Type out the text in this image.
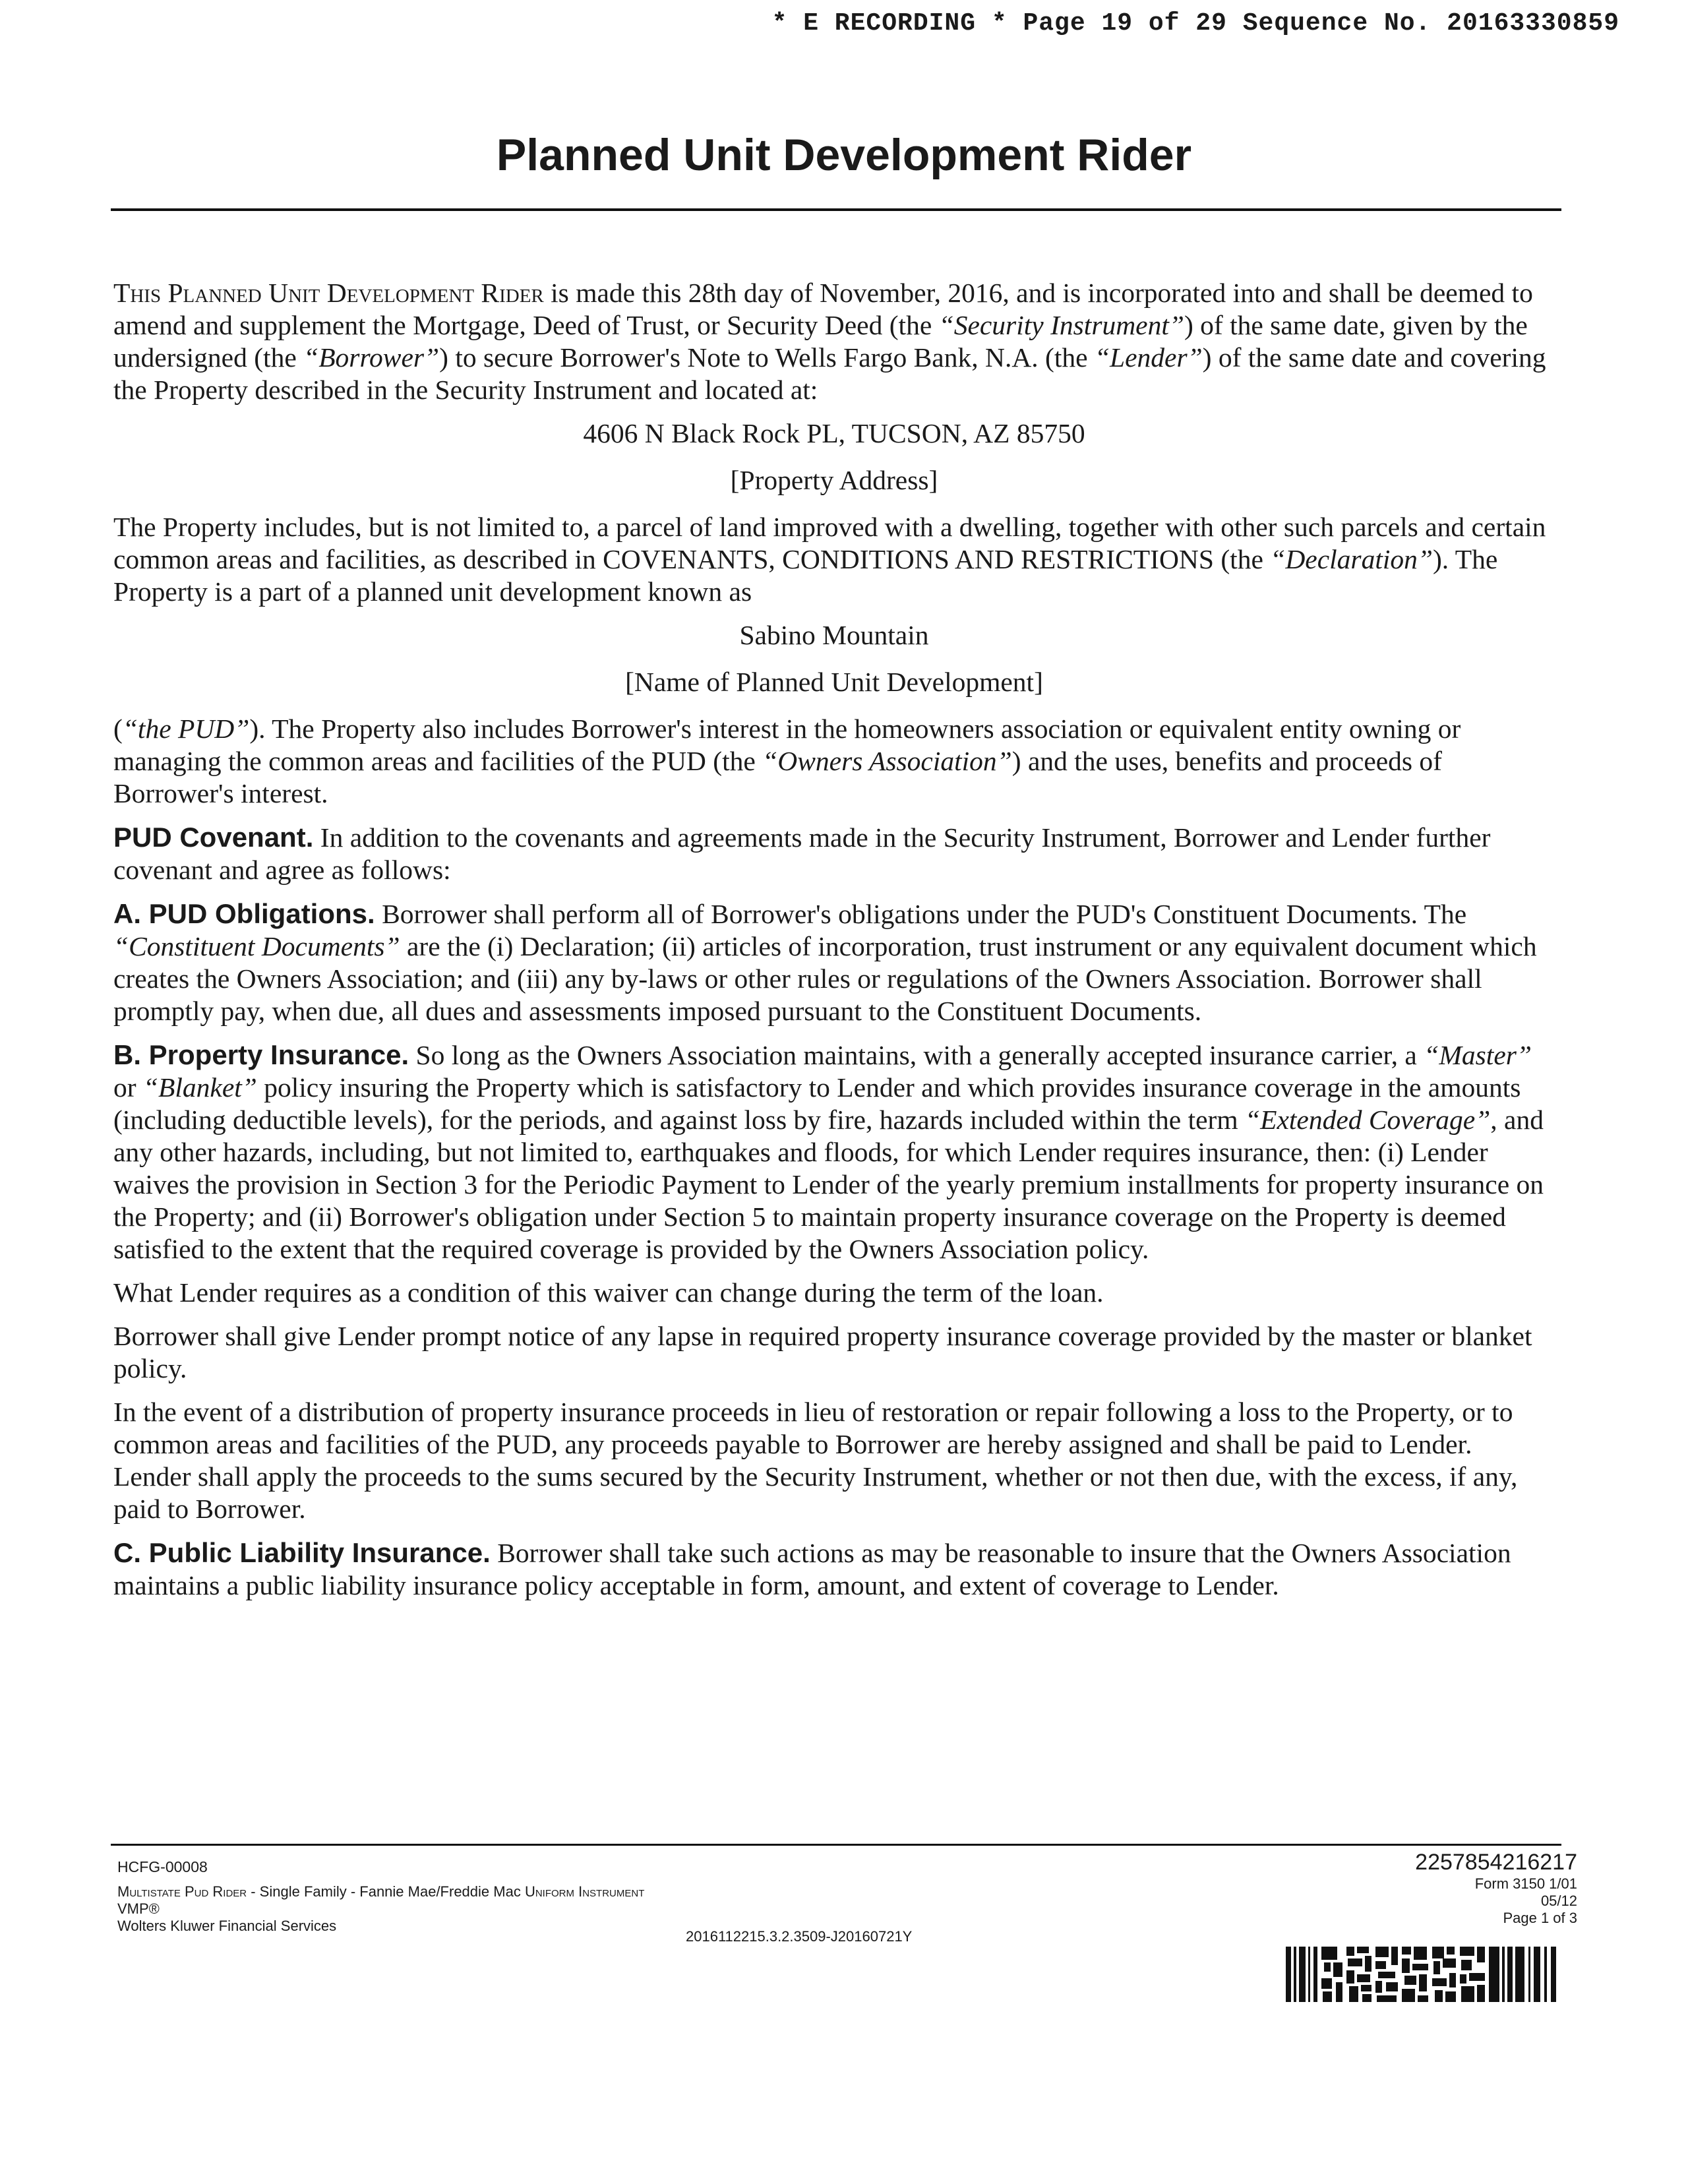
* E RECORDING * Page 19 of 29 Sequence No. 20163330859
Planned Unit Development Rider

This Planned Unit Development Rider is made this 28th day of November, 2016, and is incorporated into and shall be deemed to amend and supplement the Mortgage, Deed of Trust, or Security Deed (the “Security Instrument”) of the same date, given by the undersigned (the “Borrower”) to secure Borrower's Note to Wells Fargo Bank, N.A. (the “Lender”) of the same date and covering the Property described in the Security Instrument and located at:

4606 N Black Rock PL, TUCSON, AZ 85750

[Property Address]

The Property includes, but is not limited to, a parcel of land improved with a dwelling, together with other such parcels and certain common areas and facilities, as described in COVENANTS, CONDITIONS AND RESTRICTIONS (the “Declaration”). The Property is a part of a planned unit development known as

Sabino Mountain

[Name of Planned Unit Development]

(“the PUD”). The Property also includes Borrower's interest in the homeowners association or equivalent entity owning or managing the common areas and facilities of the PUD (the “Owners Association”) and the uses, benefits and proceeds of Borrower's interest.

PUD Covenant. In addition to the covenants and agreements made in the Security Instrument, Borrower and Lender further covenant and agree as follows:

A. PUD Obligations. Borrower shall perform all of Borrower's obligations under the PUD's Constituent Documents. The “Constituent Documents” are the (i) Declaration; (ii) articles of incorporation, trust instrument or any equivalent document which creates the Owners Association; and (iii) any by-laws or other rules or regulations of the Owners Association. Borrower shall promptly pay, when due, all dues and assessments imposed pursuant to the Constituent Documents.

B. Property Insurance. So long as the Owners Association maintains, with a generally accepted insurance carrier, a “Master” or “Blanket” policy insuring the Property which is satisfactory to Lender and which provides insurance coverage in the amounts (including deductible levels), for the periods, and against loss by fire, hazards included within the term “Extended Coverage”, and any other hazards, including, but not limited to, earthquakes and floods, for which Lender requires insurance, then: (i) Lender waives the provision in Section 3 for the Periodic Payment to Lender of the yearly premium installments for property insurance on the Property; and (ii) Borrower's obligation under Section 5 to maintain property insurance coverage on the Property is deemed satisfied to the extent that the required coverage is provided by the Owners Association policy.

What Lender requires as a condition of this waiver can change during the term of the loan.

Borrower shall give Lender prompt notice of any lapse in required property insurance coverage provided by the master or blanket policy.

In the event of a distribution of property insurance proceeds in lieu of restoration or repair following a loss to the Property, or to common areas and facilities of the PUD, any proceeds payable to Borrower are hereby assigned and shall be paid to Lender. Lender shall apply the proceeds to the sums secured by the Security Instrument, whether or not then due, with the excess, if any, paid to Borrower.

C. Public Liability Insurance. Borrower shall take such actions as may be reasonable to insure that the Owners Association maintains a public liability insurance policy acceptable in form, amount, and extent of coverage to Lender.

HCFG-00008
Multistate Pud Rider - Single Family - Fannie Mae/Freddie Mac Uniform Instrument
VMP®
Wolters Kluwer Financial Services
2016112215.3.2.3509-J20160721Y
2257854216217
Form 3150 1/01
05/12
Page 1 of 3
